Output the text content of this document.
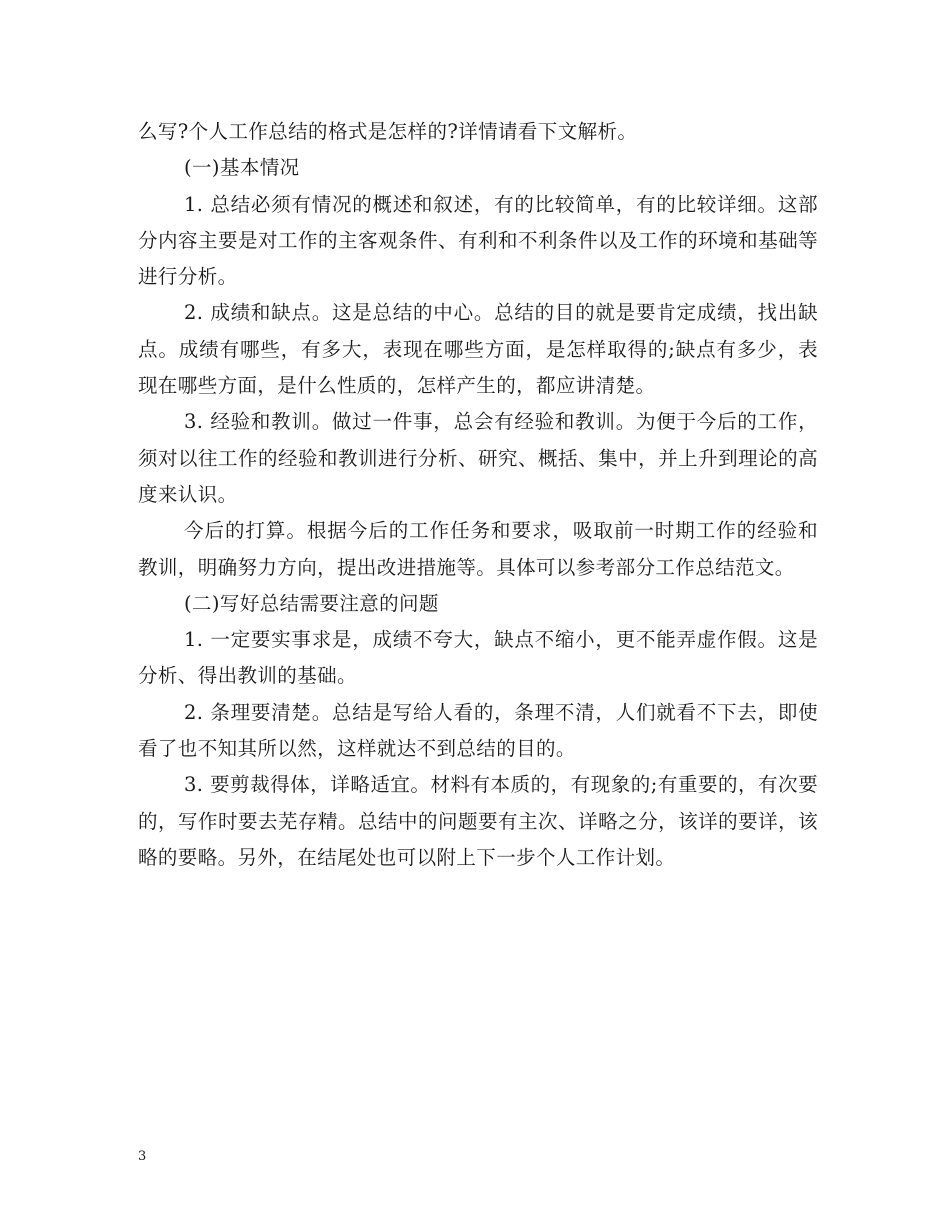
么写?个人工作总结的格式是怎样的?详情请看下文解析。

(一)基本情况

1. 总结必须有情况的概述和叙述，有的比较简单，有的比较详细。这部分内容主要是对工作的主客观条件、有利和不利条件以及工作的环境和基础等进行分析。

2. 成绩和缺点。这是总结的中心。总结的目的就是要肯定成绩，找出缺点。成绩有哪些，有多大，表现在哪些方面，是怎样取得的;缺点有多少，表现在哪些方面，是什么性质的，怎样产生的，都应讲清楚。

3. 经验和教训。做过一件事，总会有经验和教训。为便于今后的工作，须对以往工作的经验和教训进行分析、研究、概括、集中，并上升到理论的高度来认识。

今后的打算。根据今后的工作任务和要求，吸取前一时期工作的经验和教训，明确努力方向，提出改进措施等。具体可以参考部分工作总结范文。

(二)写好总结需要注意的问题

1. 一定要实事求是，成绩不夸大，缺点不缩小，更不能弄虚作假。这是分析、得出教训的基础。

2. 条理要清楚。总结是写给人看的，条理不清，人们就看不下去，即使看了也不知其所以然，这样就达不到总结的目的。

3. 要剪裁得体，详略适宜。材料有本质的，有现象的;有重要的，有次要的，写作时要去芜存精。总结中的问题要有主次、详略之分，该详的要详，该略的要略。另外，在结尾处也可以附上下一步个人工作计划。

3
